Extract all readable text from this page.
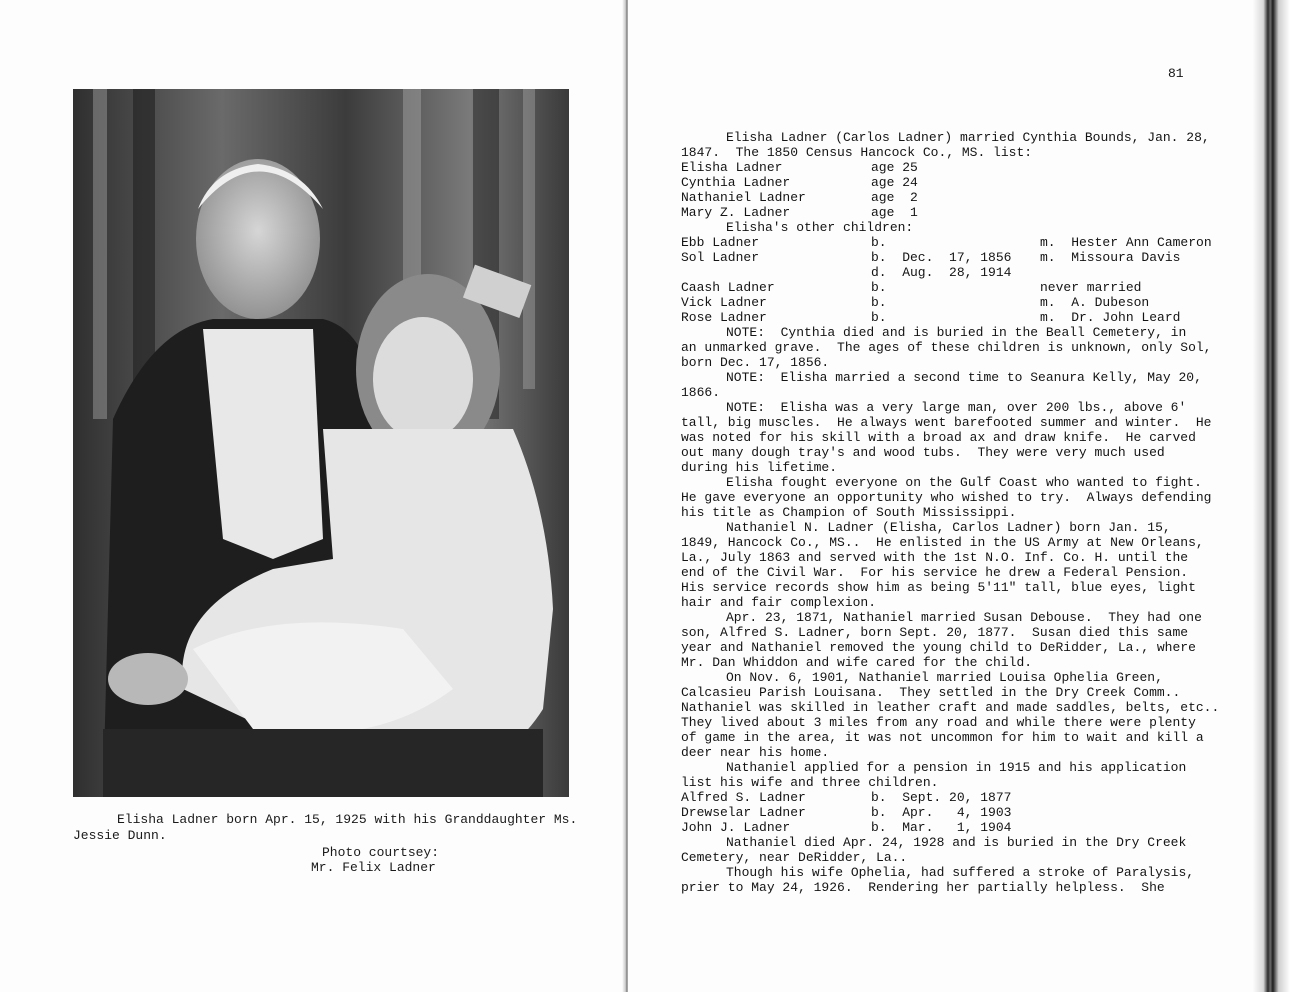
Elisha Ladner born Apr. 15, 1925 with his Granddaughter Ms.
Jessie Dunn.
Photo courtsey:
Mr. Felix Ladner
81
Elisha Ladner (Carlos Ladner) married Cynthia Bounds, Jan. 28,
1847.  The 1850 Census Hancock Co., MS. list:
Elisha Ladner	age 25
Cynthia Ladner	age 24
Nathaniel Ladner	age  2
Mary Z. Ladner	age  1
Elisha's other children:
Ebb Ladner	b.	m.  Hester Ann Cameron
Sol Ladner	b.  Dec.  17, 1856 m.  Missoura Davis
d.  Aug.  28, 1914
Caash Ladner	b.	never married
Vick Ladner	b.	m.  A. Dubeson
Rose Ladner	b.	m.  Dr. John Leard
NOTE:  Cynthia died and is buried in the Beall Cemetery, in
an unmarked grave.  The ages of these children is unknown, only Sol,
born Dec. 17, 1856.
NOTE:  Elisha married a second time to Seanura Kelly, May 20,
1866.
NOTE:  Elisha was a very large man, over 200 lbs., above 6'
tall, big muscles.  He always went barefooted summer and winter.  He
was noted for his skill with a broad ax and draw knife.  He carved
out many dough tray's and wood tubs.  They were very much used
during his lifetime.
Elisha fought everyone on the Gulf Coast who wanted to fight.
He gave everyone an opportunity who wished to try.  Always defending
his title as Champion of South Mississippi.
Nathaniel N. Ladner (Elisha, Carlos Ladner) born Jan. 15,
1849, Hancock Co., MS..  He enlisted in the US Army at New Orleans,
La., July 1863 and served with the 1st N.O. Inf. Co. H. until the
end of the Civil War.  For his service he drew a Federal Pension.
His service records show him as being 5'11" tall, blue eyes, light
hair and fair complexion.
Apr. 23, 1871, Nathaniel married Susan Debouse.  They had one
son, Alfred S. Ladner, born Sept. 20, 1877.  Susan died this same
year and Nathaniel removed the young child to DeRidder, La., where
Mr. Dan Whiddon and wife cared for the child.
On Nov. 6, 1901, Nathaniel married Louisa Ophelia Green,
Calcasieu Parish Louisana.  They settled in the Dry Creek Comm..
Nathaniel was skilled in leather craft and made saddles, belts, etc..
They lived about 3 miles from any road and while there were plenty
of game in the area, it was not uncommon for him to wait and kill a
deer near his home.
Nathaniel applied for a pension in 1915 and his application
list his wife and three children.
Alfred S. Ladner	b.  Sept. 20, 1877
Drewselar Ladner	b.  Apr.   4, 1903
John J. Ladner	b.  Mar.   1, 1904
Nathaniel died Apr. 24, 1928 and is buried in the Dry Creek
Cemetery, near DeRidder, La..
Though his wife Ophelia, had suffered a stroke of Paralysis,
prier to May 24, 1926.  Rendering her partially helpless.  She
